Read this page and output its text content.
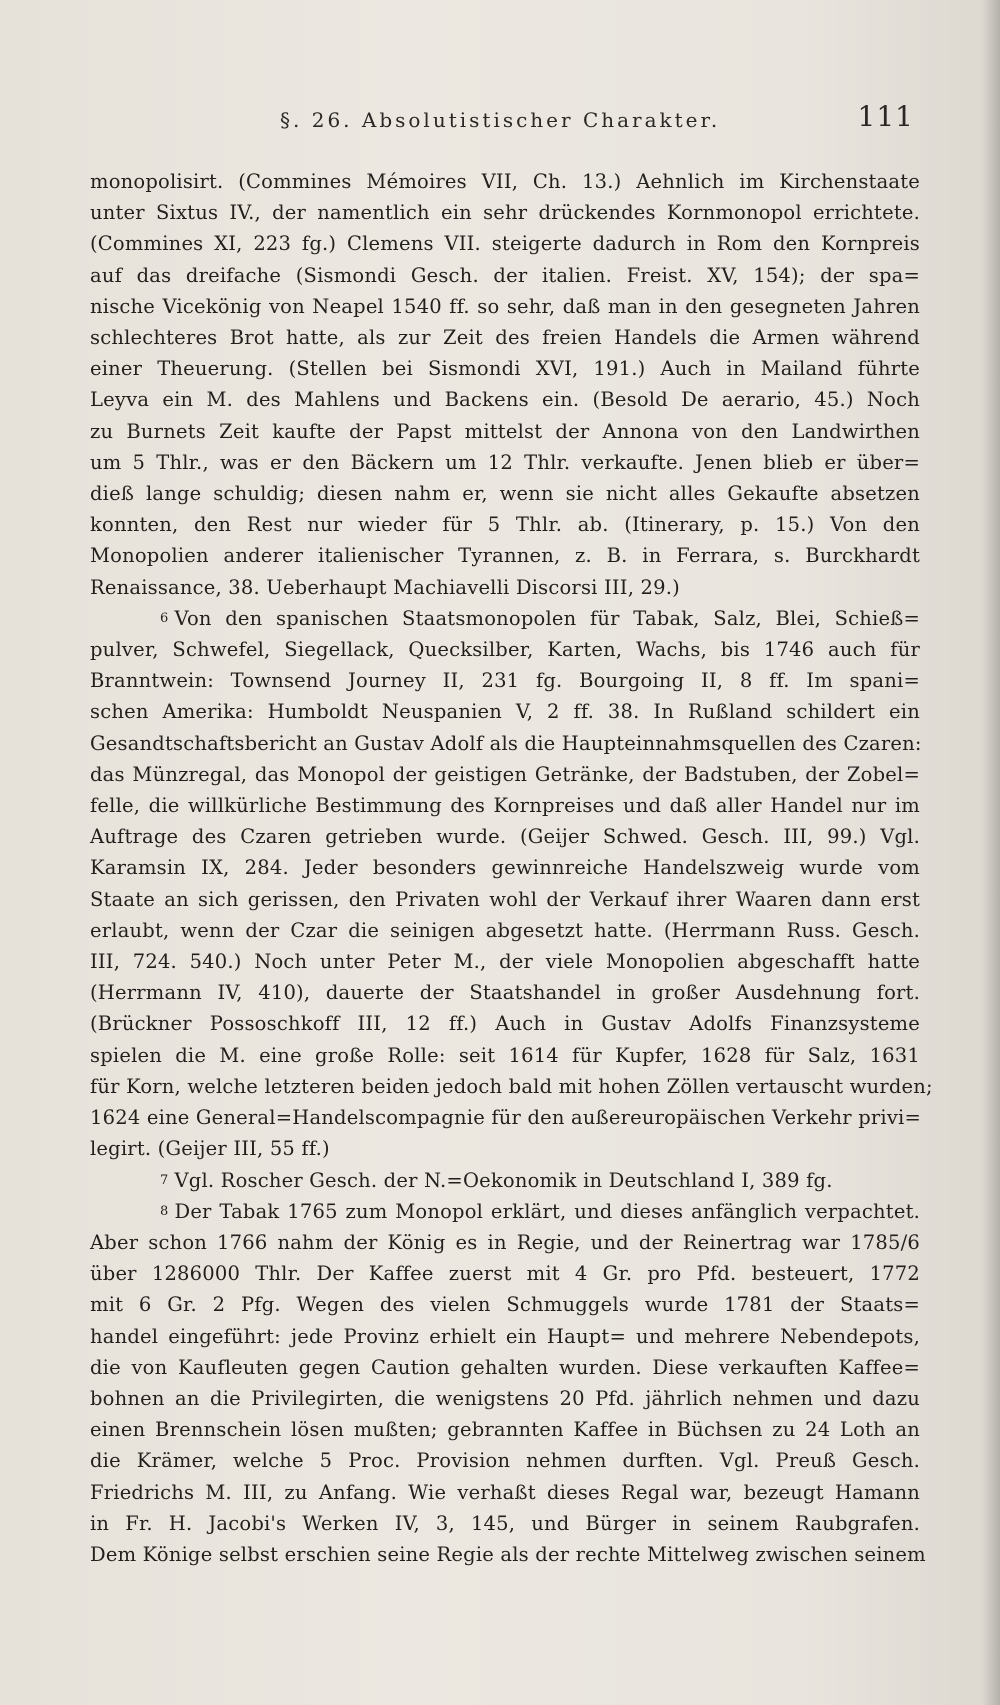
§. 26. Absolutistischer Charakter.	111
monopolisirt. (Commines Mémoires VII, Ch. 13.) Aehnlich im Kirchenstaate
unter Sixtus IV., der namentlich ein sehr drückendes Kornmonopol errichtete.
(Commines XI, 223 fg.) Clemens VII. steigerte dadurch in Rom den Kornpreis
auf das dreifache (Sismondi Gesch. der italien. Freist. XV, 154); der spa=
nische Vicekönig von Neapel 1540 ff. so sehr, daß man in den gesegneten Jahren
schlechteres Brot hatte, als zur Zeit des freien Handels die Armen während
einer Theuerung. (Stellen bei Sismondi XVI, 191.) Auch in Mailand führte
Leyva ein M. des Mahlens und Backens ein. (Besold De aerario, 45.) Noch
zu Burnets Zeit kaufte der Papst mittelst der Annona von den Landwirthen
um 5 Thlr., was er den Bäckern um 12 Thlr. verkaufte. Jenen blieb er über=
dieß lange schuldig; diesen nahm er, wenn sie nicht alles Gekaufte absetzen
konnten, den Rest nur wieder für 5 Thlr. ab. (Itinerary, p. 15.) Von den
Monopolien anderer italienischer Tyrannen, z. B. in Ferrara, s. Burckhardt
Renaissance, 38. Ueberhaupt Machiavelli Discorsi III, 29.)
6 Von den spanischen Staatsmonopolen für Tabak, Salz, Blei, Schieß=
pulver, Schwefel, Siegellack, Quecksilber, Karten, Wachs, bis 1746 auch für
Branntwein: Townsend Journey II, 231 fg. Bourgoing II, 8 ff. Im spani=
schen Amerika: Humboldt Neuspanien V, 2 ff. 38. In Rußland schildert ein
Gesandtschaftsbericht an Gustav Adolf als die Haupteinnahmsquellen des Czaren:
das Münzregal, das Monopol der geistigen Getränke, der Badstuben, der Zobel=
felle, die willkürliche Bestimmung des Kornpreises und daß aller Handel nur im
Auftrage des Czaren getrieben wurde. (Geijer Schwed. Gesch. III, 99.) Vgl.
Karamsin IX, 284. Jeder besonders gewinnreiche Handelszweig wurde vom
Staate an sich gerissen, den Privaten wohl der Verkauf ihrer Waaren dann erst
erlaubt, wenn der Czar die seinigen abgesetzt hatte. (Herrmann Russ. Gesch.
III, 724. 540.) Noch unter Peter M., der viele Monopolien abgeschafft hatte
(Herrmann IV, 410), dauerte der Staatshandel in großer Ausdehnung fort.
(Brückner Possoschkoff III, 12 ff.) Auch in Gustav Adolfs Finanzsysteme
spielen die M. eine große Rolle: seit 1614 für Kupfer, 1628 für Salz, 1631
für Korn, welche letzteren beiden jedoch bald mit hohen Zöllen vertauscht wurden;
1624 eine General=Handelscompagnie für den außereuropäischen Verkehr privi=
legirt. (Geijer III, 55 ff.)
7 Vgl. Roscher Gesch. der N.=Oekonomik in Deutschland I, 389 fg.
8 Der Tabak 1765 zum Monopol erklärt, und dieses anfänglich verpachtet.
Aber schon 1766 nahm der König es in Regie, und der Reinertrag war 1785/6
über 1286000 Thlr. Der Kaffee zuerst mit 4 Gr. pro Pfd. besteuert, 1772
mit 6 Gr. 2 Pfg. Wegen des vielen Schmuggels wurde 1781 der Staats=
handel eingeführt: jede Provinz erhielt ein Haupt= und mehrere Nebendepots,
die von Kaufleuten gegen Caution gehalten wurden. Diese verkauften Kaffee=
bohnen an die Privilegirten, die wenigstens 20 Pfd. jährlich nehmen und dazu
einen Brennschein lösen mußten; gebrannten Kaffee in Büchsen zu 24 Loth an
die Krämer, welche 5 Proc. Provision nehmen durften. Vgl. Preuß Gesch.
Friedrichs M. III, zu Anfang. Wie verhaßt dieses Regal war, bezeugt Hamann
in Fr. H. Jacobi's Werken IV, 3, 145, und Bürger in seinem Raubgrafen.
Dem Könige selbst erschien seine Regie als der rechte Mittelweg zwischen seinem
